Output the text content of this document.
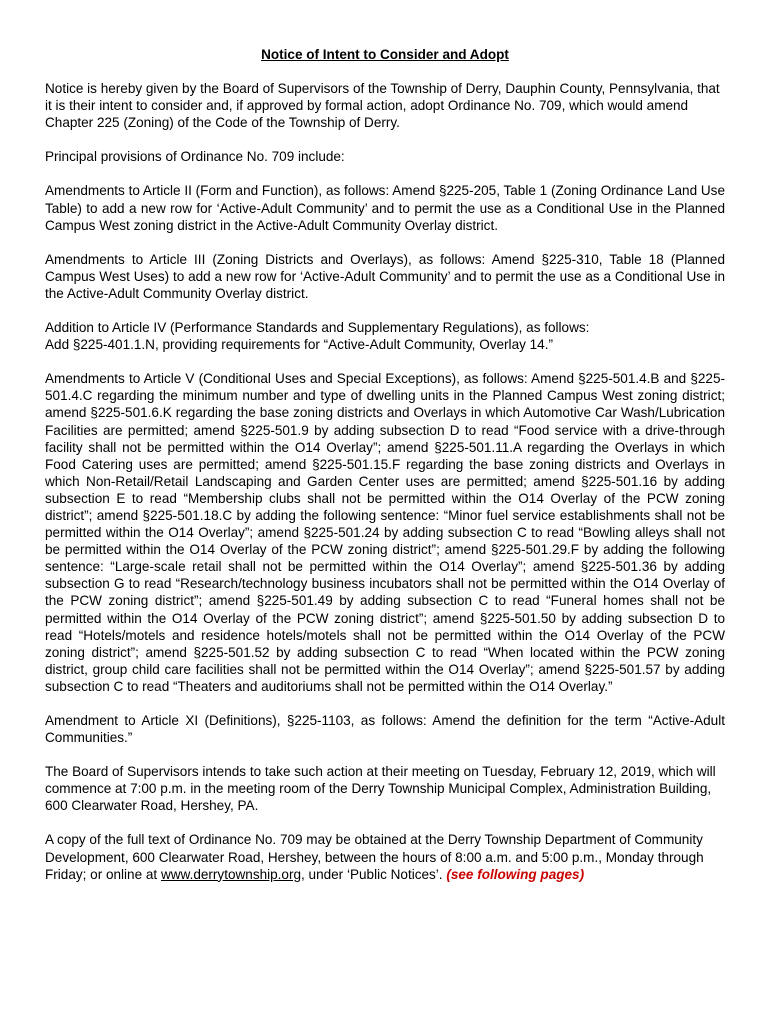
Notice of Intent to Consider and Adopt

Notice is hereby given by the Board of Supervisors of the Township of Derry, Dauphin County, Pennsylvania, that it is their intent to consider and, if approved by formal action, adopt Ordinance No. 709, which would amend Chapter 225 (Zoning) of the Code of the Township of Derry.

Principal provisions of Ordinance No. 709 include:

Amendments to Article II (Form and Function), as follows: Amend §225-205, Table 1 (Zoning Ordinance Land Use Table) to add a new row for ‘Active-Adult Community’ and to permit the use as a Conditional Use in the Planned Campus West zoning district in the Active-Adult Community Overlay district.

Amendments to Article III (Zoning Districts and Overlays), as follows: Amend §225-310, Table 18 (Planned Campus West Uses) to add a new row for ‘Active-Adult Community’ and to permit the use as a Conditional Use in the Active-Adult Community Overlay district.

Addition to Article IV (Performance Standards and Supplementary Regulations), as follows:
Add §225-401.1.N, providing requirements for “Active-Adult Community, Overlay 14.”

Amendments to Article V (Conditional Uses and Special Exceptions), as follows: Amend §225-501.4.B and §225-501.4.C regarding the minimum number and type of dwelling units in the Planned Campus West zoning district; amend §225-501.6.K regarding the base zoning districts and Overlays in which Automotive Car Wash/Lubrication Facilities are permitted; amend §225-501.9 by adding subsection D to read “Food service with a drive-through facility shall not be permitted within the O14 Overlay”; amend §225-501.11.A regarding the Overlays in which Food Catering uses are permitted; amend §225-501.15.F regarding the base zoning districts and Overlays in which Non-Retail/Retail Landscaping and Garden Center uses are permitted; amend §225-501.16 by adding subsection E to read “Membership clubs shall not be permitted within the O14 Overlay of the PCW zoning district”; amend §225-501.18.C by adding the following sentence: “Minor fuel service establishments shall not be permitted within the O14 Overlay”; amend §225-501.24 by adding subsection C to read “Bowling alleys shall not be permitted within the O14 Overlay of the PCW zoning district”; amend §225-501.29.F by adding the following sentence: “Large-scale retail shall not be permitted within the O14 Overlay”; amend §225-501.36 by adding subsection G to read “Research/technology business incubators shall not be permitted within the O14 Overlay of the PCW zoning district”; amend §225-501.49 by adding subsection C to read “Funeral homes shall not be permitted within the O14 Overlay of the PCW zoning district”; amend §225-501.50 by adding subsection D to read “Hotels/motels and residence hotels/motels shall not be permitted within the O14 Overlay of the PCW zoning district”; amend §225-501.52 by adding subsection C to read “When located within the PCW zoning district, group child care facilities shall not be permitted within the O14 Overlay”; amend §225-501.57 by adding subsection C to read “Theaters and auditoriums shall not be permitted within the O14 Overlay.”

Amendment to Article XI (Definitions), §225-1103, as follows: Amend the definition for the term “Active-Adult Communities.”

The Board of Supervisors intends to take such action at their meeting on Tuesday, February 12, 2019, which will commence at 7:00 p.m. in the meeting room of the Derry Township Municipal Complex, Administration Building, 600 Clearwater Road, Hershey, PA.

A copy of the full text of Ordinance No. 709 may be obtained at the Derry Township Department of Community Development, 600 Clearwater Road, Hershey, between the hours of 8:00 a.m. and 5:00 p.m., Monday through Friday; or online at www.derrytownship.org, under ‘Public Notices’. (see following pages)
